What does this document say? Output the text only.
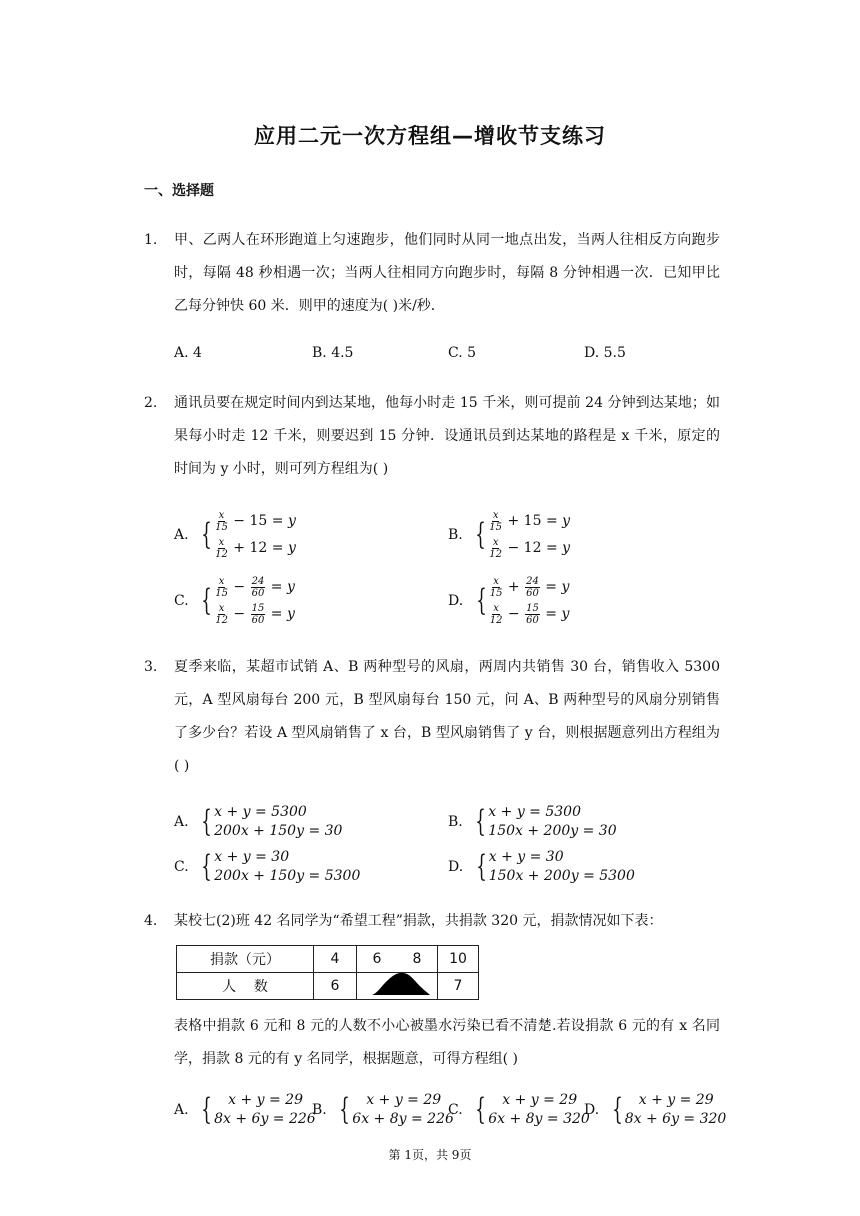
应用二元一次方程组—增收节支练习
一、选择题
1. 甲、乙两人在环形跑道上匀速跑步，他们同时从同一地点出发，当两人往相反方向跑步时，每隔 48 秒相遇一次；当两人往相同方向跑步时，每隔 8 分钟相遇一次．已知甲比乙每分钟快 60 米．则甲的速度为( )米/秒．
A. 4	B. 4.5	C. 5	D. 5.5
2. 通讯员要在规定时间内到达某地，他每小时走 15 千米，则可提前 24 分钟到达某地；如果每小时走 12 千米，则要迟到 15 分钟．设通讯员到达某地的路程是 x 千米，原定的时间为 y 小时，则可列方程组为( )
A. { $\frac{x}{15} - 15 = y$
$\frac{x}{12} + 12 = y$
B. { $\frac{x}{15} + 15 = y$
$\frac{x}{12} - 12 = y$
C. { $\frac{x}{15} - \frac{24}{60} = y$
$\frac{x}{12} - \frac{15}{60} = y$
D. { $\frac{x}{15} + \frac{24}{60} = y$
$\frac{x}{12} - \frac{15}{60} = y$
3. 夏季来临，某超市试销 A、B 两种型号的风扇，两周内共销售 30 台，销售收入 5300 元，A 型风扇每台 200 元，B 型风扇每台 150 元，问 A、B 两种型号的风扇分别销售了多少台？若设 A 型风扇销售了 x 台，B 型风扇销售了 y 台，则根据题意列出方程组为( )
A. { x + y = 5300
200x + 150y = 30
B. { x + y = 5300
150x + 200y = 30
C. { x + y = 30
200x + 150y = 5300
D. { x + y = 30
150x + 200y = 5300
4. 某校七(2)班 42 名同学为“希望工程”捐款，共捐款 320 元，捐款情况如下表：
捐款（元）	4	6	8	10
人    数	6			7
表格中捐款 6 元和 8 元的人数不小心被墨水污染已看不清楚.若设捐款 6 元的有 x 名同学，捐款 8 元的有 y 名同学，根据题意，可得方程组( )
A. {	x + y = 29
8x + 6y = 226
B. {	x + y = 29
6x + 8y = 226
C. {	x + y = 29
6x + 8y = 320
D. {	x + y = 29
8x + 6y = 320
第 1页，共 9页
